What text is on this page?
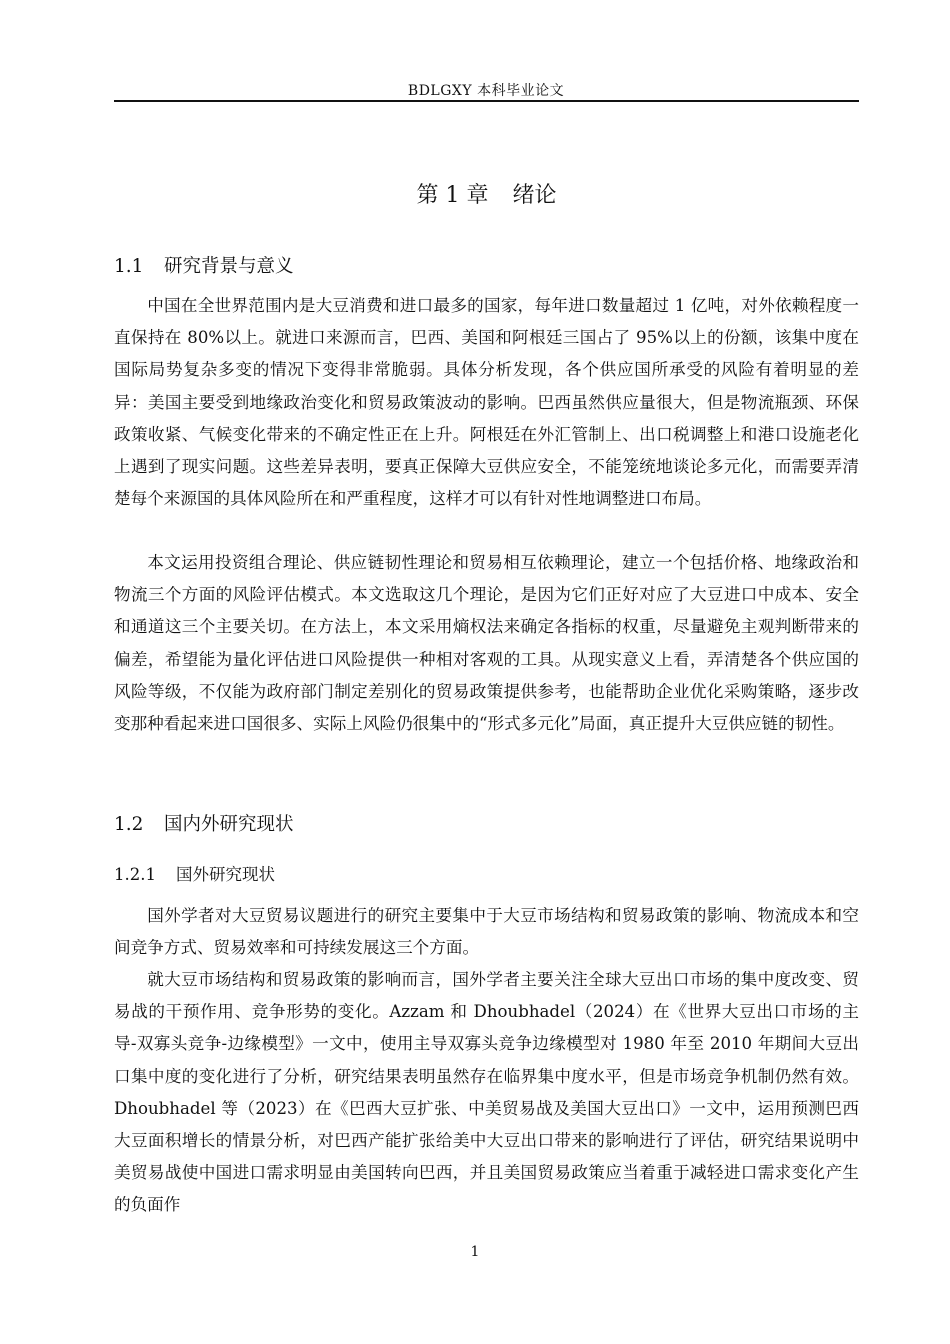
BDLGXY 本科毕业论文
第 1 章 绪论
1.1 研究背景与意义

中国在全世界范围内是大豆消费和进口最多的国家，每年进口数量超过 1 亿吨，对外依赖程度一直保持在 80%以上。就进口来源而言，巴西、美国和阿根廷三国占了 95%以上的份额，该集中度在国际局势复杂多变的情况下变得非常脆弱。具体分析发现，各个供应国所承受的风险有着明显的差异：美国主要受到地缘政治变化和贸易政策波动的影响。巴西虽然供应量很大，但是物流瓶颈、环保政策收紧、气候变化带来的不确定性正在上升。阿根廷在外汇管制上、出口税调整上和港口设施老化上遇到了现实问题。这些差异表明，要真正保障大豆供应安全，不能笼统地谈论多元化，而需要弄清楚每个来源国的具体风险所在和严重程度，这样才可以有针对性地调整进口布局。

本文运用投资组合理论、供应链韧性理论和贸易相互依赖理论，建立一个包括价格、地缘政治和物流三个方面的风险评估模式。本文选取这几个理论，是因为它们正好对应了大豆进口中成本、安全和通道这三个主要关切。在方法上，本文采用熵权法来确定各指标的权重，尽量避免主观判断带来的偏差，希望能为量化评估进口风险提供一种相对客观的工具。从现实意义上看，弄清楚各个供应国的风险等级，不仅能为政府部门制定差别化的贸易政策提供参考，也能帮助企业优化采购策略，逐步改变那种看起来进口国很多、实际上风险仍很集中的“形式多元化”局面，真正提升大豆供应链的韧性。

1.2 国内外研究现状
1.2.1 国外研究现状

国外学者对大豆贸易议题进行的研究主要集中于大豆市场结构和贸易政策的影响、物流成本和空间竞争方式、贸易效率和可持续发展这三个方面。

就大豆市场结构和贸易政策的影响而言，国外学者主要关注全球大豆出口市场的集中度改变、贸易战的干预作用、竞争形势的变化。Azzam 和 Dhoubhadel（2024）在《世界大豆出口市场的主导-双寡头竞争-边缘模型》一文中，使用主导双寡头竞争边缘模型对 1980 年至 2010 年期间大豆出口集中度的变化进行了分析，研究结果表明虽然存在临界集中度水平，但是市场竞争机制仍然有效。Dhoubhadel 等（2023）在《巴西大豆扩张、中美贸易战及美国大豆出口》一文中，运用预测巴西大豆面积增长的情景分析，对巴西产能扩张给美中大豆出口带来的影响进行了评估，研究结果说明中美贸易战使中国进口需求明显由美国转向巴西，并且美国贸易政策应当着重于减轻进口需求变化产生的负面作

1
